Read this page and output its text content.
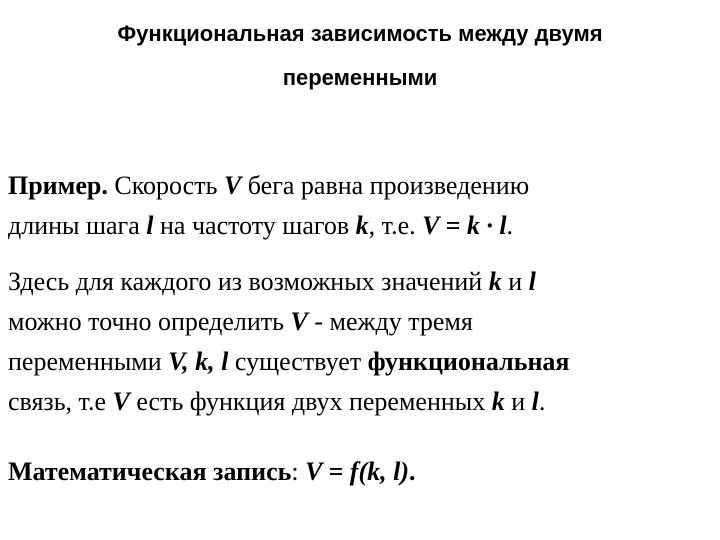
Функциональная зависимость между двумя
переменными
Пример. Скорость V бега равна произведению
длины шага l на частоту шагов k, т.е. V = k · l.
Здесь для каждого из возможных значений k и l
можно точно определить V - между тремя
переменными V, k, l существует функциональная
связь, т.е V есть функция двух переменных k и l.
Математическая запись: V = f(k, l).
